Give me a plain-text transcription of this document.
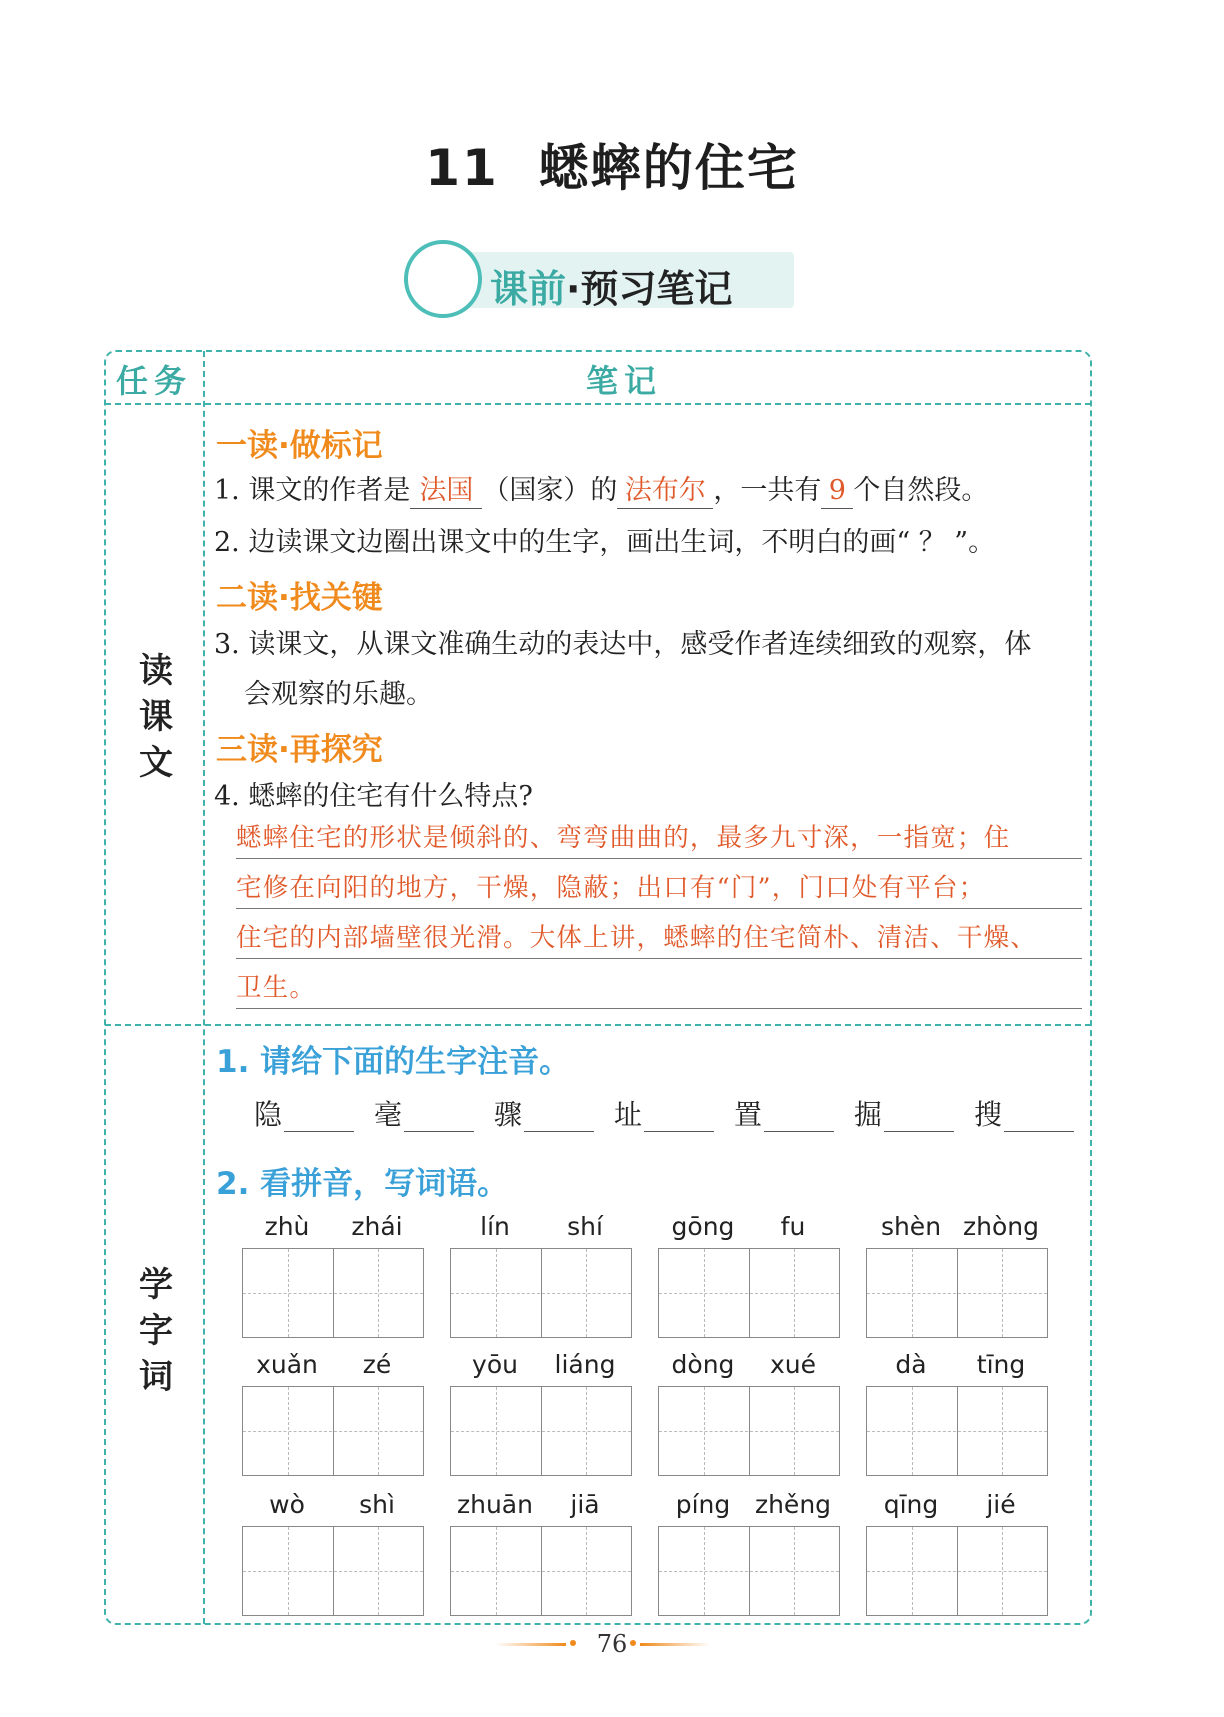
11 蟋蟀的住宅
课前·预习笔记
任务	笔记
读课文
一读·做标记
1. 课文的作者是 法国 （国家）的 法布尔 ，一共有 9 个自然段。
2. 边读课文边圈出课文中的生字，画出生词，不明白的画“ ？ ”。
二读·找关键
3. 读课文，从课文准确生动的表达中，感受作者连续细致的观察，体
会观察的乐趣。
三读·再探究
4. 蟋蟀的住宅有什么特点?
蟋蟀住宅的形状是倾斜的、弯弯曲曲的，最多九寸深，一指宽；住
宅修在向阳的地方，干燥，隐蔽；出口有“门”，门口处有平台；
住宅的内部墙壁很光滑。大体上讲，蟋蟀的住宅简朴、清洁、干燥、
卫生。
学字词
1. 请给下面的生字注音。
隐	毫	骤	址	置	掘	搜
2. 看拼音，写词语。
zhù	zhái	lín	shí	gōng	fu	shèn zhòng
xuǎn	zé	yōu	liáng	dòng	xué	dà	tīng
wò	shì	zhuān	jiā	píng zhěng	qīng	jié
76
